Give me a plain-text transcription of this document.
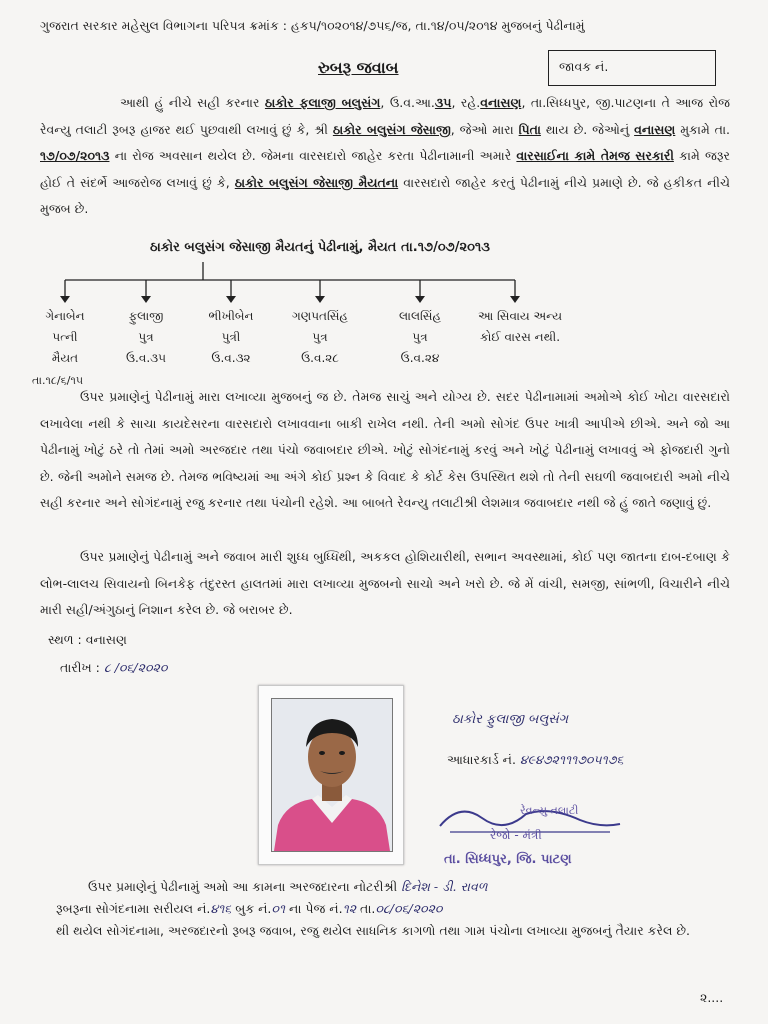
ગુજરાત સરકાર મહેસુલ વિભાગના પરિપત્ર ક્રમાંક : હકપ/૧૦૨૦૧૪/૭૫૬/જ, તા.૧૪/૦૫/૨૦૧૪ મુજબનું પેઢીનામું
રુબરૂ જવાબ	જાવક નં.
આથી હું નીચે સહી કરનાર ઠાકોર ફલાજી બલુસંગ, ઉ.વ.આ.૩૫, રહે.વનાસણ, તા.સિધ્ધપુર, જી.પાટણના તે આજ રોજ રેવન્યુ તલાટી રૂબરૂ હાજર થઈ પુછવાથી લખાવું છું કે, શ્રી ઠાકોર બલુસંગ જેસાજી, જેઓ મારા પિતા થાય છે. જેઓનું વનાસણ મુકામે તા. ૧૭/૦૭/૨૦૧૩ ના રોજ અવસાન થયેલ છે. જેમના વારસદારો જાહેર કરતા પેઢીનામાની અમારે વારસાઈના કામે તેમજ સરકારી કામે જરૂર હોઈ તે સંદર્ભે આજરોજ લખાવું છું કે, ઠાકોર બલુસંગ જેસાજી મૈયતના વારસદારો જાહેર કરતું પેઢીનામું નીચે પ્રમાણે છે. જે હકીકત નીચે મુજબ છે.
ઠાકોર બલુસંગ જેસાજી મૈયતનું પેઢીનામું, મૈયત તા.૧૭/૦૭/૨૦૧૩
ગેનાબેન
પત્ની
મૈયત
ફુલાજી
પુત્ર
ઉ.વ.૩૫
ભીખીબેન
પુત્રી
ઉ.વ.૩૨
ગણપતસિંહ
પુત્ર
ઉ.વ.૨૮
લાલસિંહ
પુત્ર
ઉ.વ.૨૪
આ સિવાય અન્ય
કોઈ વારસ નથી.
તા.૧૮/૬/૧૫
ઉપર પ્રમાણેનું પેઢીનામું મારા લખાવ્યા મુજબનું જ છે. તેમજ સાચું અને યોગ્ય છે. સદર પેઢીનામામાં અમોએ કોઈ ખોટા વારસદારો લખાવેલા નથી કે સાચા કાયદેસરના વારસદારો લખાવવાના બાકી રાખેલ નથી. તેની અમો સોગંદ ઉપર ખાત્રી આપીએ છીએ. અને જો આ પેઢીનામું ખોટું ઠરે તો તેમાં અમો અરજદાર તથા પંચો જવાબદાર છીએ. ખોટું સોગંદનામું કરવું અને ખોટું પેઢીનામું લખાવવું એ ફોજદારી ગુનો છે. જેની અમોને સમજ છે. તેમજ ભવિષ્યમાં આ અંગે કોઈ પ્રશ્ન કે વિવાદ કે કોર્ટ કેસ ઉપસ્થિત થશે તો તેની સઘળી જવાબદારી અમો નીચે સહી કરનાર અને સોગંદનામું રજુ કરનાર તથા પંચોની રહેશે. આ બાબતે રેવન્યુ તલાટીશ્રી લેશમાત્ર જવાબદાર નથી જે હું જાતે જણાવું છું.
ઉપર પ્રમાણેનું પેઢીનામું અને જવાબ મારી શુધ્ધ બુધ્ધિથી, અકકલ હોશિયારીથી, સભાન અવસ્થામાં, કોઈ પણ જાતના દાબ-દબાણ કે લોભ-લાલચ સિવાયનો બિનકેફ તંદુરસ્ત હાલતમાં મારા લખાવ્યા મુજબનો સાચો અને ખરો છે. જે મેં વાંચી, સમજી, સાંભળી, વિચારીને નીચે મારી સહી/અંગુઠાનું નિશાન કરેલ છે. જે બરાબર છે.
સ્થળ : વનાસણ
તારીખ : ૮ /૦૬/૨૦૨૦
ઠાકોર ફુલાજી બલુસંગ
આધારકાર્ડ નં. ૪૯૪૭૨૧૧૧૭૦૫૧૭૬
રેવન્યુ તલાટી
રેજો - મંત્રી
તા. સિધ્ધપુર, જિ. પાટણ
ઉપર પ્રમાણેનું પેઢીનામું અમો આ કામના અરજદારના નોટરીશ્રી દિનેશ - ડી. રાવળ
રૂબરૂના સોગંદનામા સરીયલ નં.૪૧૬ બુક નં.૦૧ ના પેજ નં.૧૨ તા.૦૮/૦૬/૨૦૨૦
થી થયેલ સોગંદનામા, અરજદારનો રૂબરૂ જવાબ, રજુ થયેલ સાધનિક કાગળો તથા ગામ પંચોના લખાવ્યા મુજબનું તૈયાર કરેલ છે.
૨....
